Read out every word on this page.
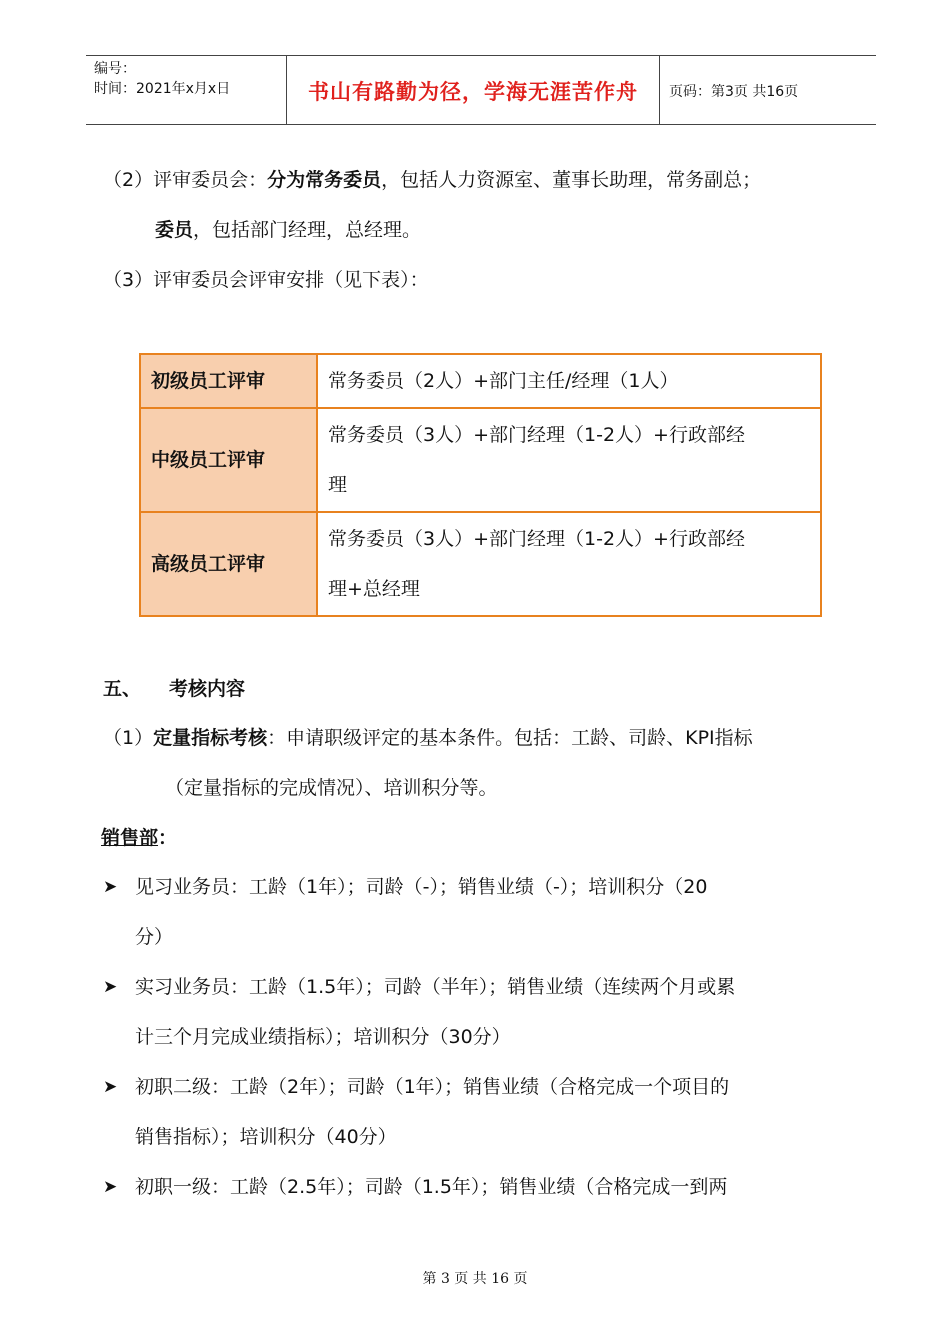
编号：
时间：2021年x月x日	书山有路勤为径，学海无涯苦作舟	页码：第3页 共16页
（2）评审委员会：分为常务委员，包括人力资源室、董事长助理，常务副总；
委员，包括部门经理，总经理。
（3）评审委员会评审安排（见下表）：
初级员工评审	常务委员（2人）+部门主任/经理（1人）

中级员工评审	常务委员（3人）+部门经理（1-2人）+行政部经
理

高级员工评审	常务委员（3人）+部门经理（1-2人）+行政部经
理+总经理
五、 考核内容
（1）定量指标考核：申请职级评定的基本条件。包括：工龄、司龄、KPI指标
（定量指标的完成情况）、培训积分等。
销售部：
➤ 见习业务员：工龄（1年）；司龄（-）；销售业绩（-）；培训积分（20
分）
➤ 实习业务员：工龄（1.5年）；司龄（半年）；销售业绩（连续两个月或累
计三个月完成业绩指标）；培训积分（30分）
➤ 初职二级：工龄（2年）；司龄（1年）；销售业绩（合格完成一个项目的
销售指标）；培训积分（40分）
➤ 初职一级：工龄（2.5年）；司龄（1.5年）；销售业绩（合格完成一到两
第 3 页 共 16 页
